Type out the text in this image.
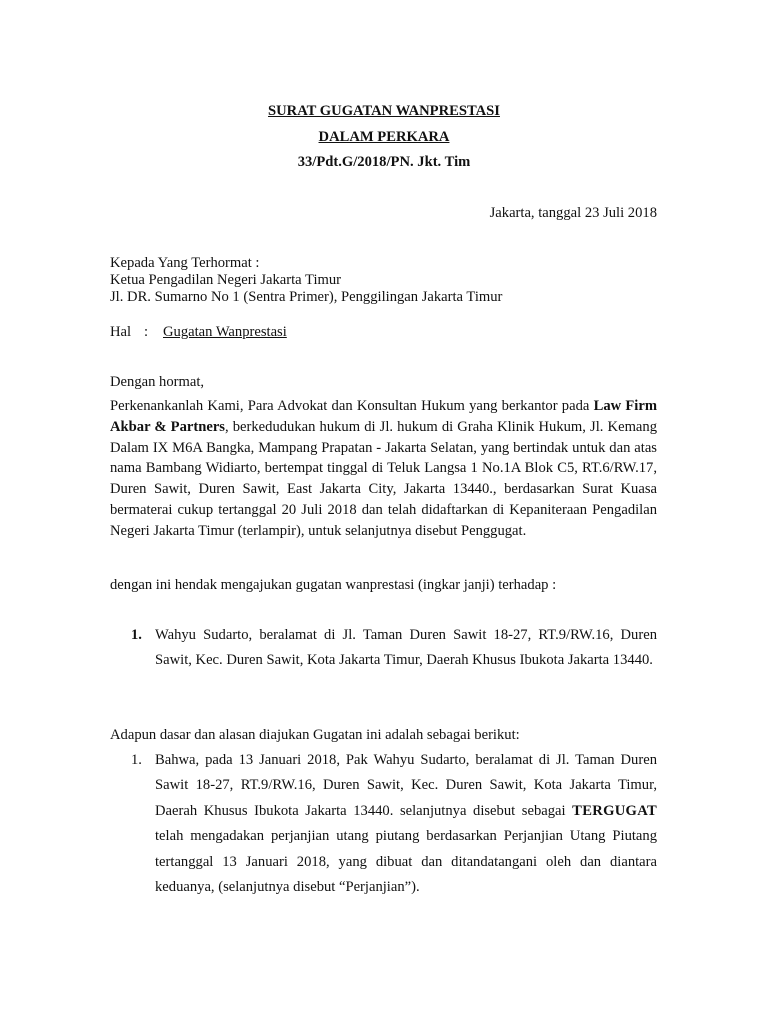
SURAT GUGATAN WANPRESTASI
DALAM PERKARA
33/Pdt.G/2018/PN. Jkt. Tim
Jakarta, tanggal 23 Juli 2018
Kepada Yang Terhormat :
Ketua Pengadilan Negeri Jakarta Timur
Jl. DR. Sumarno No 1 (Sentra Primer), Penggilingan Jakarta Timur
Hal : Gugatan Wanprestasi
Dengan hormat,
Perkenankanlah Kami, Para Advokat dan Konsultan Hukum yang berkantor pada Law Firm Akbar & Partners, berkedudukan hukum di Jl. hukum di Graha Klinik Hukum, Jl. Kemang Dalam IX M6A Bangka, Mampang Prapatan - Jakarta Selatan, yang bertindak untuk dan atas nama Bambang Widiarto, bertempat tinggal di Teluk Langsa 1 No.1A Blok C5, RT.6/RW.17, Duren Sawit, Duren Sawit, East Jakarta City, Jakarta 13440., berdasarkan Surat Kuasa bermaterai cukup tertanggal 20 Juli 2018 dan telah didaftarkan di Kepaniteraan Pengadilan Negeri Jakarta Timur (terlampir), untuk selanjutnya disebut Penggugat.
dengan ini hendak mengajukan gugatan wanprestasi (ingkar janji) terhadap :
1. Wahyu Sudarto, beralamat di Jl. Taman Duren Sawit 18-27, RT.9/RW.16, Duren Sawit, Kec. Duren Sawit, Kota Jakarta Timur, Daerah Khusus Ibukota Jakarta 13440.
Adapun dasar dan alasan diajukan Gugatan ini adalah sebagai berikut:
1. Bahwa, pada 13 Januari 2018, Pak Wahyu Sudarto, beralamat di Jl. Taman Duren Sawit 18-27, RT.9/RW.16, Duren Sawit, Kec. Duren Sawit, Kota Jakarta Timur, Daerah Khusus Ibukota Jakarta 13440. selanjutnya disebut sebagai TERGUGAT telah mengadakan perjanjian utang piutang berdasarkan Perjanjian Utang Piutang tertanggal 13 Januari 2018, yang dibuat dan ditandatangani oleh dan diantara keduanya, (selanjutnya disebut “Perjanjian”).
